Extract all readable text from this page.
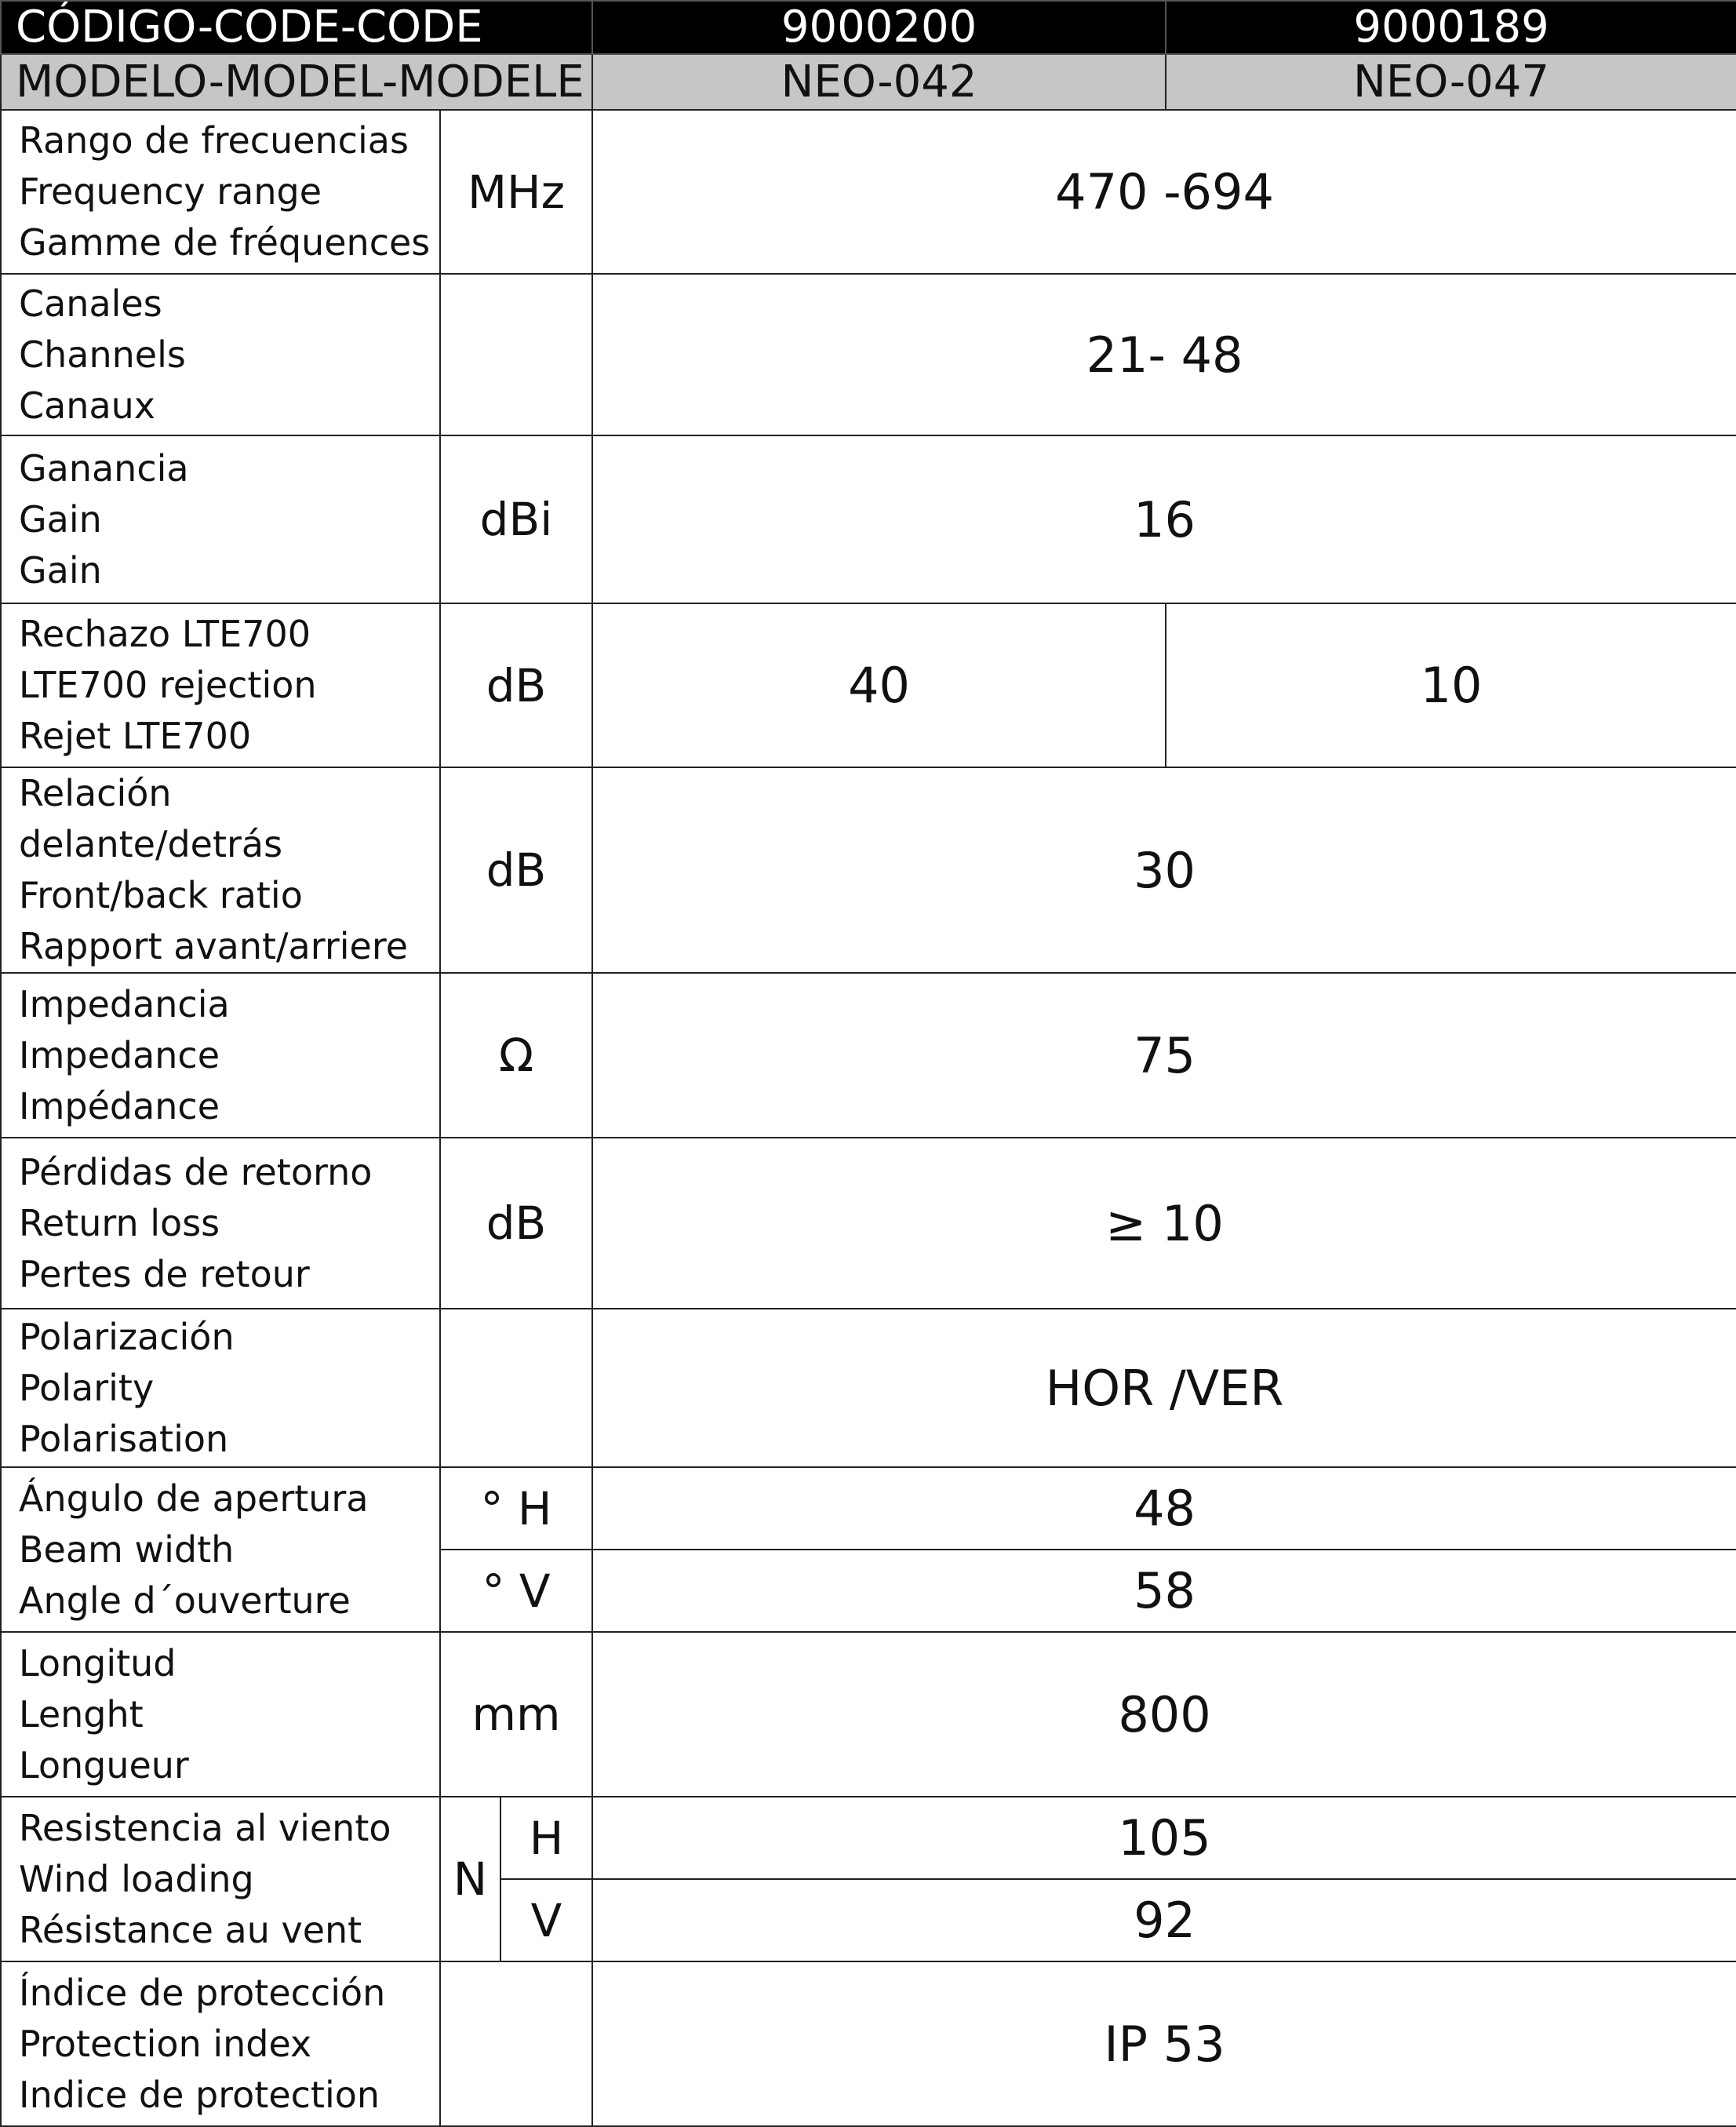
CÓDIGO-CODE-CODE			9000200	9000189
MODELO-MODEL-MODELE			NEO-042	NEO-047

Rango de frecuencias
Frequency range
Gamme de fréquences	MHz		470 -694	

Canales
Channels
Canaux			21- 48	

Ganancia
Gain
Gain	dBi		16	

Rechazo LTE700
LTE700 rejection
Rejet LTE700	dB		40	10

Relación delante/detrás
Front/back ratio
Rapport avant/arriere	dB		30	

Impedancia
Impedance
Impédance	Ω		75	

Pérdidas de retorno
Return loss
Pertes de retour	dB		≥ 10	

Polarización
Polarity
Polarisation			HOR /VER	

Ángulo de apertura
Beam width
Angle d´ouverture	° H		48	
	° V		58	

Longitud
Lenght
Longueur	mm		800	

Resistencia al viento
Wind loading
Résistance au vent	N	H	105	
		V	92	

Índice de protección
Protection index
Indice de protection			IP 53	
